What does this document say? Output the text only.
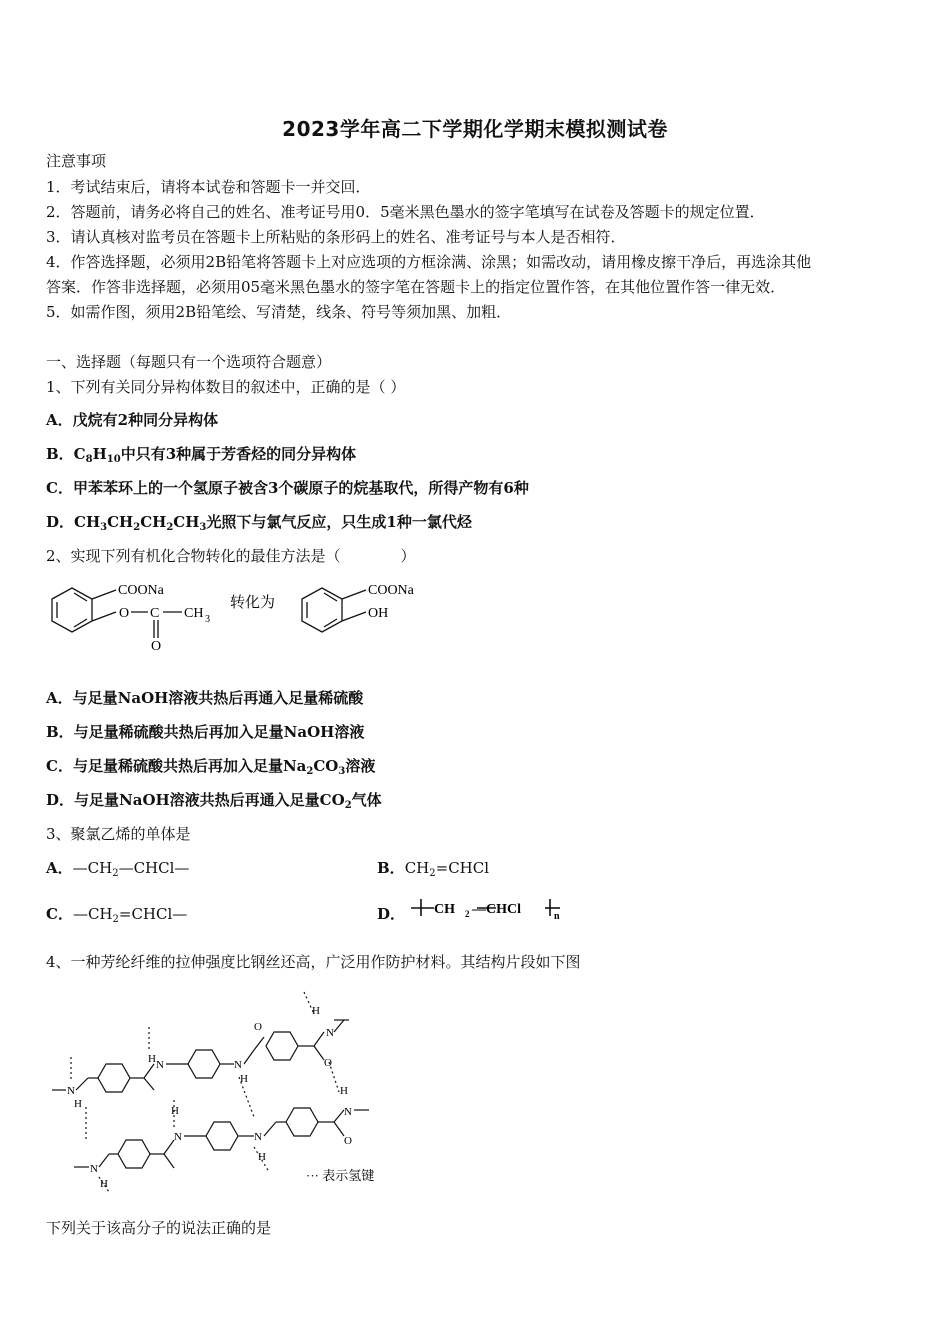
2023学年高二下学期化学期末模拟测试卷
注意事项
1．考试结束后，请将本试卷和答题卡一并交回．
2．答题前，请务必将自己的姓名、准考证号用0．5毫米黑色墨水的签字笔填写在试卷及答题卡的规定位置．
3．请认真核对监考员在答题卡上所粘贴的条形码上的姓名、准考证号与本人是否相符．
4．作答选择题，必须用2B铅笔将答题卡上对应选项的方框涂满、涂黑；如需改动，请用橡皮擦干净后，再选涂其他
答案．作答非选择题，必须用05毫米黑色墨水的签字笔在答题卡上的指定位置作答，在其他位置作答一律无效．
5．如需作图，须用2B铅笔绘、写清楚，线条、符号等须加黑、加粗．
一、选择题（每题只有一个选项符合题意）
1、下列有关同分异构体数目的叙述中，正确的是（ ）
A．戊烷有2种同分异构体
B．$C_8H_{10}$中只有3种属于芳香烃的同分异构体
C．甲苯苯环上的一个氢原子被含3个碳原子的烷基取代，所得产物有6种
D．$CH_3CH_2CH_2CH_3$光照下与氯气反应，只生成1种一氯代烃
2、实现下列有机化合物转化的最佳方法是（　　　　）
COONa
O C CH 3
O
转化为
COONa
OH
A．与足量NaOH溶液共热后再通入足量稀硫酸
B．与足量稀硫酸共热后再加入足量NaOH溶液
C．与足量稀硫酸共热后再加入足量$Na_2CO_3$溶液
D．与足量NaOH溶液共热后再通入足量$CO_2$气体
3、聚氯乙烯的单体是
A．$—CH_2—CHCl—$	B．$CH_2=CHCl$
C．$—CH_2=CHCl—$	D． CH 2 —CHCl	n
4、一种芳纶纤维的拉伸强度比钢丝还高，广泛用作防护材料。其结构片段如下图
N
H
H N	N
H
O
O
N
H
N
H
H
N	N
H
H
N
O
··· 表示氢键
下列关于该高分子的说法正确的是
